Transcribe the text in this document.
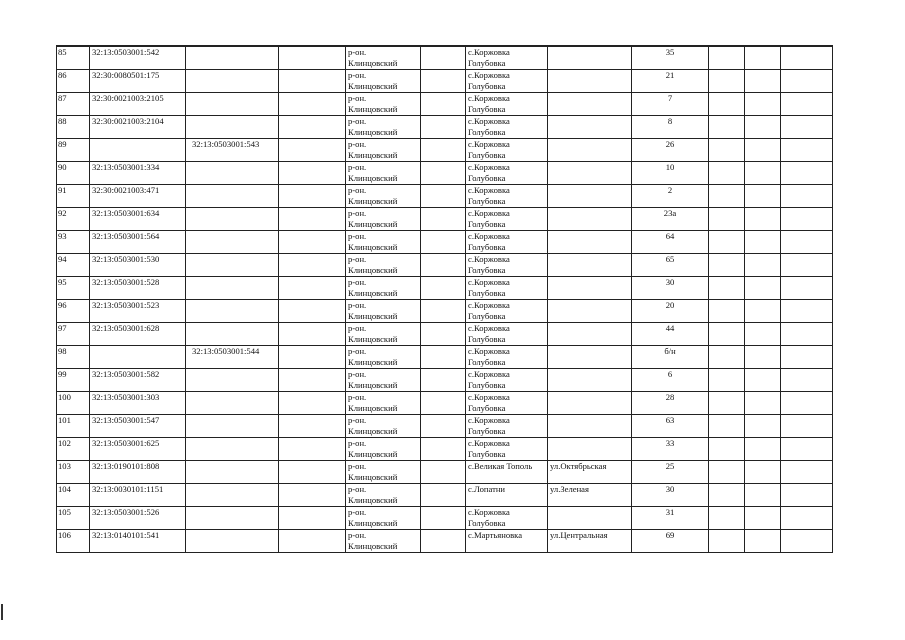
85	32:13:0503001:542			р-он.
Клинцовский		с.Коржовка
Голубовка		35			
86	32:30:0080501:175			р-он.
Клинцовский		с.Коржовка
Голубовка		21			
87	32:30:0021003:2105			р-он.
Клинцовский		с.Коржовка
Голубовка		7			
88	32:30:0021003:2104			р-он.
Клинцовский		с.Коржовка
Голубовка		8			
89		32:13:0503001:543		р-он.
Клинцовский		с.Коржовка
Голубовка		26			
90	32:13:0503001:334			р-он.
Клинцовский		с.Коржовка
Голубовка		10			
91	32:30:0021003:471			р-он.
Клинцовский		с.Коржовка
Голубовка		2			
92	32:13:0503001:634			р-он.
Клинцовский		с.Коржовка
Голубовка		23а			
93	32:13:0503001:564			р-он.
Клинцовский		с.Коржовка
Голубовка		64			
94	32:13:0503001:530			р-он.
Клинцовский		с.Коржовка
Голубовка		65			
95	32:13:0503001:528			р-он.
Клинцовский		с.Коржовка
Голубовка		30			
96	32:13:0503001:523			р-он.
Клинцовский		с.Коржовка
Голубовка		20			
97	32:13:0503001:628			р-он.
Клинцовский		с.Коржовка
Голубовка		44			
98		32:13:0503001:544		р-он.
Клинцовский		с.Коржовка
Голубовка		б/н			
99	32:13:0503001:582			р-он.
Клинцовский		с.Коржовка
Голубовка		6			
100	32:13:0503001:303			р-он.
Клинцовский		с.Коржовка
Голубовка		28			
101	32:13:0503001:547			р-он.
Клинцовский		с.Коржовка
Голубовка		63			
102	32:13:0503001:625			р-он.
Клинцовский		с.Коржовка
Голубовка		33			
103	32:13:0190101:808			р-он.
Клинцовский		с.Великая Тополь	ул.Октябрьская	25			
104	32:13:0030101:1151			р-он.
Клинцовский		с.Лопатни	ул.Зеленая	30			
105	32:13:0503001:526			р-он.
Клинцовский		с.Коржовка
Голубовка		31			
106	32:13:0140101:541			р-он.
Клинцовский		с.Мартьяновка	ул.Центральная	69			
